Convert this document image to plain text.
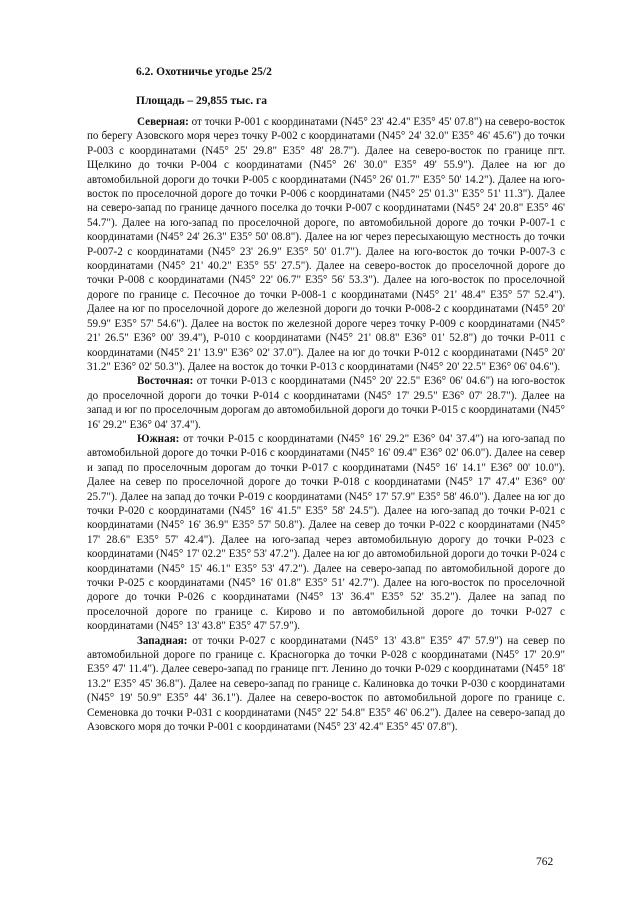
6.2. Охотничье угодье 25/2
Площадь – 29,855 тыс. га

Северная: от точки Р-001 с координатами (N45° 23' 42.4" E35° 45' 07.8") на северо-восток по берегу Азовского моря через точку Р-002 с координатами (N45° 24' 32.0" E35° 46' 45.6") до точки Р-003 с координатами (N45° 25' 29.8" E35° 48' 28.7"). Далее на северо-восток по границе пгт. Щелкино до точки Р-004 с координатами (N45° 26' 30.0" E35° 49' 55.9"). Далее на юг до автомобильной дороги до точки Р-005 с координатами (N45° 26' 01.7" E35° 50' 14.2"). Далее на юго-восток по проселочной дороге до точки Р-006 с координатами (N45° 25' 01.3" E35° 51' 11.3"). Далее на северо-запад по границе дачного поселка до точки Р-007 с координатами (N45° 24' 20.8" E35° 46' 54.7"). Далее на юго-запад по проселочной дороге, по автомобильной дороге до точки Р-007-1 с координатами (N45° 24' 26.3" E35° 50' 08.8"). Далее на юг через пересыхающую местность до точки Р-007-2 с координатами (N45° 23' 26.9" E35° 50' 01.7"). Далее на юго-восток до точки Р-007-3 с координатами (N45° 21' 40.2" E35° 55' 27.5"). Далее на северо-восток до проселочной дороге до точки Р-008 с координатами (N45° 22' 06.7" E35° 56' 53.3"). Далее на юго-восток по проселочной дороге по границе с. Песочное до точки Р-008-1 с координатами (N45° 21' 48.4" E35° 57' 52.4"). Далее на юг по проселочной дороге до железной дороги до точки Р-008-2 с координатами (N45° 20' 59.9" E35° 57' 54.6"). Далее на восток по железной дороге через точку Р-009 с координатами (N45° 21' 26.5" E36° 00' 39.4"), Р-010 с координатами (N45° 21' 08.8" E36° 01' 52.8") до точки Р-011 с координатами (N45° 21' 13.9" E36° 02' 37.0"). Далее на юг до точки Р-012 с координатами (N45° 20' 31.2" E36° 02' 50.3"). Далее на восток до точки Р-013 с координатами (N45° 20' 22.5" E36° 06' 04.6").

Восточная: от точки Р-013 с координатами (N45° 20' 22.5" E36° 06' 04.6") на юго-восток до проселочной дороги до точки Р-014 с координатами (N45° 17' 29.5" E36° 07' 28.7"). Далее на запад и юг по проселочным дорогам до автомобильной дороги до точки Р-015 с координатами (N45° 16' 29.2" E36° 04' 37.4").

Южная: от точки Р-015 с координатами (N45° 16' 29.2" E36° 04' 37.4") на юго-запад по автомобильной дороге до точки Р-016 с координатами (N45° 16' 09.4" E36° 02' 06.0"). Далее на север и запад по проселочным дорогам до точки Р-017 с координатами (N45° 16' 14.1" E36° 00' 10.0"). Далее на север по проселочной дороге до точки Р-018 с координатами (N45° 17' 47.4" E36° 00' 25.7"). Далее на запад до точки Р-019 с координатами (N45° 17' 57.9" E35° 58' 46.0"). Далее на юг до точки Р-020 с координатами (N45° 16' 41.5" E35° 58' 24.5"). Далее на юго-запад до точки Р-021 с координатами (N45° 16' 36.9" E35° 57' 50.8"). Далее на север до точки Р-022 с координатами (N45° 17' 28.6" E35° 57' 42.4"). Далее на юго-запад через автомобильную дорогу до точки Р-023 с координатами (N45° 17' 02.2" E35° 53' 47.2"). Далее на юг до автомобильной дороги до точки Р-024 с координатами (N45° 15' 46.1" E35° 53' 47.2"). Далее на северо-запад по автомобильной дороге до точки Р-025 с координатами (N45° 16' 01.8" E35° 51' 42.7"). Далее на юго-восток по проселочной дороге до точки Р-026 с координатами (N45° 13' 36.4" E35° 52' 35.2"). Далее на запад по проселочной дороге по границе с. Кирово и по автомобильной дороге до точки Р-027 с координатами (N45° 13' 43.8" E35° 47' 57.9").

Западная: от точки Р-027 с координатами (N45° 13' 43.8" E35° 47' 57.9") на север по автомобильной дороге по границе с. Красногорка до точки Р-028 с координатами (N45° 17' 20.9" E35° 47' 11.4"). Далее северо-запад по границе пгт. Ленино до точки Р-029 с координатами (N45° 18' 13.2" E35° 45' 36.8"). Далее на северо-запад по границе с. Калиновка до точки Р-030 с координатами (N45° 19' 50.9" E35° 44' 36.1"). Далее на северо-восток по автомобильной дороге по границе с. Семеновка до точки Р-031 с координатами (N45° 22' 54.8" E35° 46' 06.2"). Далее на северо-запад до Азовского моря до точки Р-001 с координатами (N45° 23' 42.4" E35° 45' 07.8").

762
